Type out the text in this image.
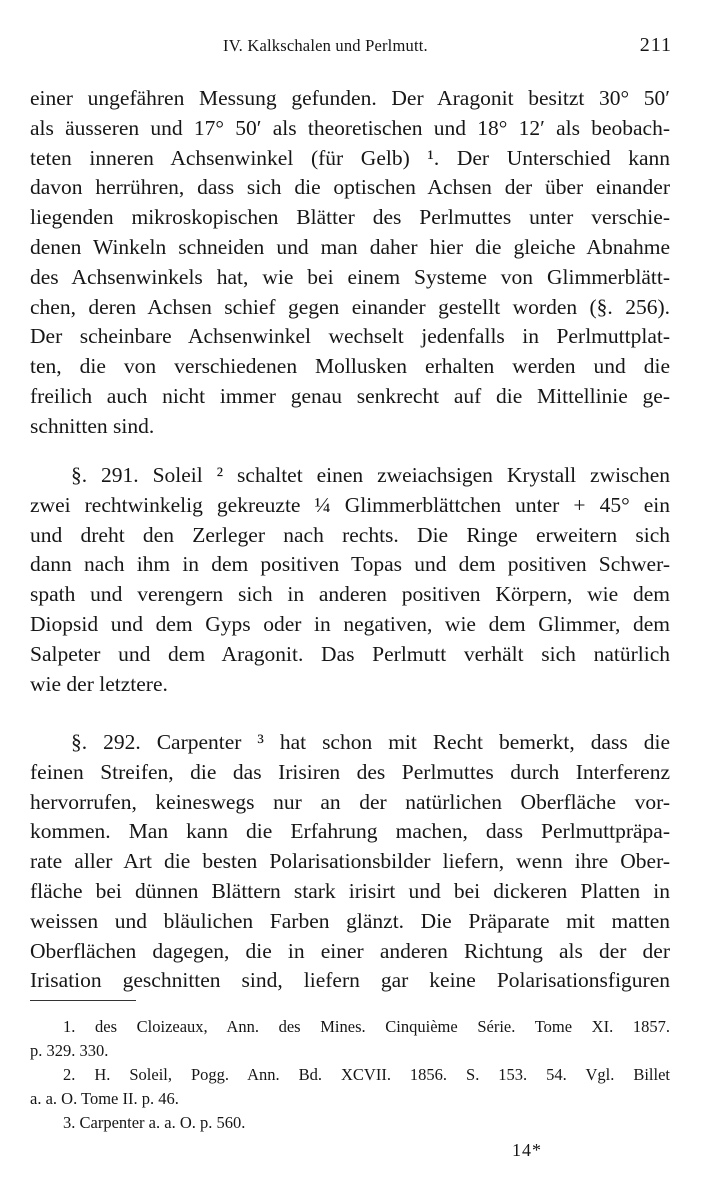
IV. Kalkschalen und Perlmutt.	211
einer ungefähren Messung gefunden. Der Aragonit besitzt 30° 50′
als äusseren und 17° 50′ als theoretischen und 18° 12′ als beobach-
teten inneren Achsenwinkel (für Gelb) ¹. Der Unterschied kann
davon herrühren, dass sich die optischen Achsen der über einander
liegenden mikroskopischen Blätter des Perlmuttes unter verschie-
denen Winkeln schneiden und man daher hier die gleiche Abnahme
des Achsenwinkels hat, wie bei einem Systeme von Glimmerblätt-
chen, deren Achsen schief gegen einander gestellt worden (§. 256).
Der scheinbare Achsenwinkel wechselt jedenfalls in Perlmuttplat-
ten, die von verschiedenen Mollusken erhalten werden und die
freilich auch nicht immer genau senkrecht auf die Mittellinie ge-
schnitten sind.
§. 291. Soleil ² schaltet einen zweiachsigen Krystall zwischen
zwei rechtwinkelig gekreuzte ¼ Glimmerblättchen unter + 45° ein
und dreht den Zerleger nach rechts. Die Ringe erweitern sich
dann nach ihm in dem positiven Topas und dem positiven Schwer-
spath und verengern sich in anderen positiven Körpern, wie dem
Diopsid und dem Gyps oder in negativen, wie dem Glimmer, dem
Salpeter und dem Aragonit. Das Perlmutt verhält sich natürlich
wie der letztere.
§. 292. Carpenter ³ hat schon mit Recht bemerkt, dass die
feinen Streifen, die das Irisiren des Perlmuttes durch Interferenz
hervorrufen, keineswegs nur an der natürlichen Oberfläche vor-
kommen. Man kann die Erfahrung machen, dass Perlmuttpräpa-
rate aller Art die besten Polarisationsbilder liefern, wenn ihre Ober-
fläche bei dünnen Blättern stark irisirt und bei dickeren Platten in
weissen und bläulichen Farben glänzt. Die Präparate mit matten
Oberflächen dagegen, die in einer anderen Richtung als der der
Irisation geschnitten sind, liefern gar keine Polarisationsfiguren
1. des Cloizeaux, Ann. des Mines. Cinquième Série. Tome XI. 1857.
p. 329. 330.
2. H. Soleil, Pogg. Ann. Bd. XCVII. 1856. S. 153. 54. Vgl. Billet
a. a. O. Tome II. p. 46.
3. Carpenter a. a. O. p. 560.
14*
